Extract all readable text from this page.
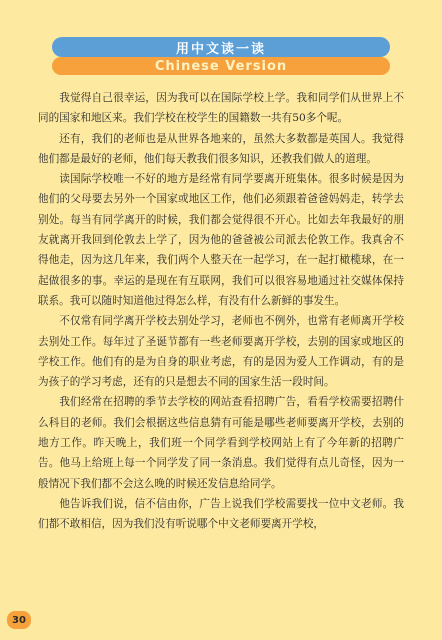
用中文读一读
Chinese Version

我觉得自己很幸运，因为我可以在国际学校上学。我和同学们从世界上不同的国家和地区来。我们学校在校学生的国籍数一共有50多个呢。

还有，我们的老师也是从世界各地来的，虽然大多数都是英国人。我觉得他们都是最好的老师，他们每天教我们很多知识，还教我们做人的道理。

读国际学校唯一不好的地方是经常有同学要离开班集体。很多时候是因为他们的父母要去另外一个国家或地区工作，他们必须跟着爸爸妈妈走，转学去别处。每当有同学离开的时候，我们都会觉得很不开心。比如去年我最好的朋友就离开我回到伦敦去上学了，因为他的爸爸被公司派去伦敦工作。我真舍不得他走，因为这几年来，我们两个人整天在一起学习，在一起打橄榄球，在一起做很多的事。幸运的是现在有互联网，我们可以很容易地通过社交媒体保持联系。我可以随时知道他过得怎么样，有没有什么新鲜的事发生。

不仅常有同学离开学校去别处学习，老师也不例外，也常有老师离开学校去别处工作。每年过了圣诞节都有一些老师要离开学校，去别的国家或地区的学校工作。他们有的是为自身的职业考虑，有的是因为爱人工作调动，有的是为孩子的学习考虑，还有的只是想去不同的国家生活一段时间。

我们经常在招聘的季节去学校的网站查看招聘广告，看看学校需要招聘什么科目的老师。我们会根据这些信息猜有可能是哪些老师要离开学校，去别的地方工作。昨天晚上，我们班一个同学看到学校网站上有了今年新的招聘广告。他马上给班上每一个同学发了同一条消息。我们觉得有点儿奇怪，因为一般情况下我们都不会这么晚的时候还发信息给同学。

他告诉我们说，信不信由你，广告上说我们学校需要找一位中文老师。我们都不敢相信，因为我们没有听说哪个中文老师要离开学校，

30
